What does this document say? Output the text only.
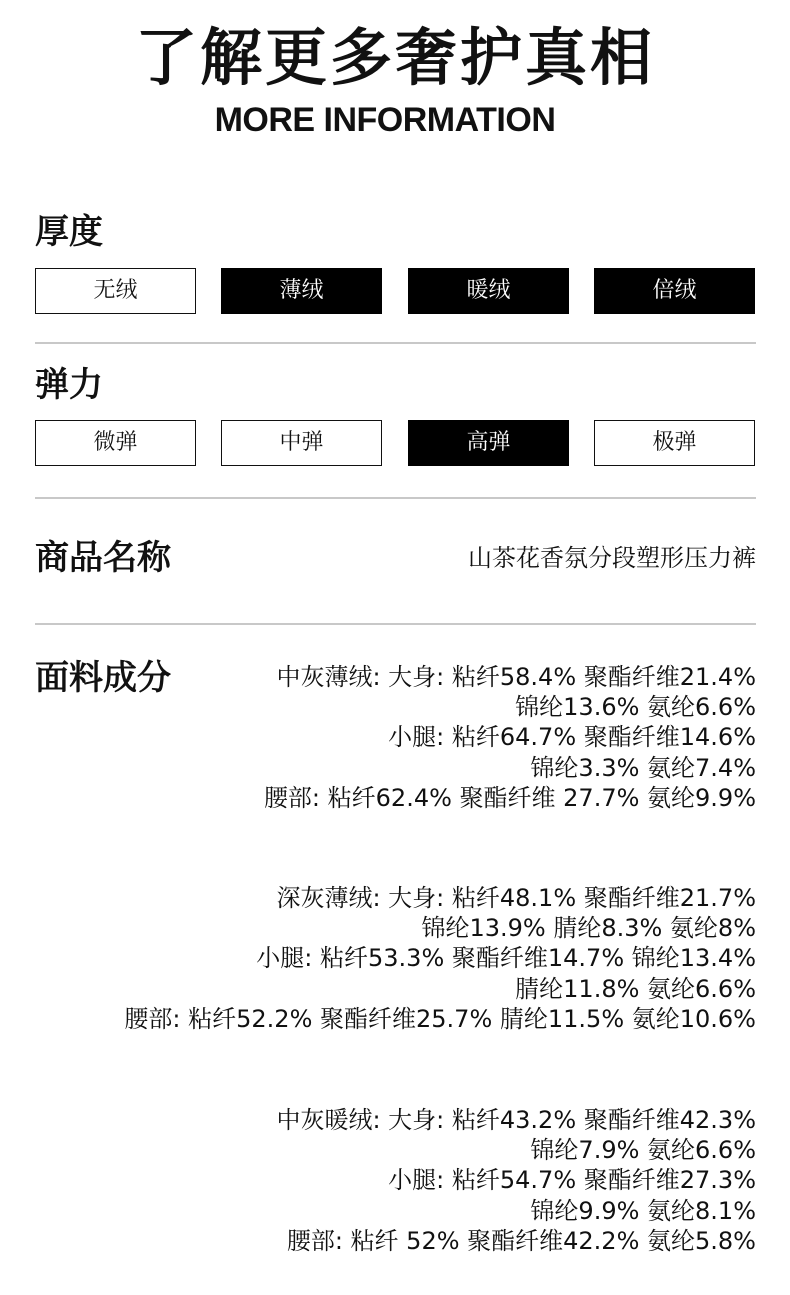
了解更多奢护真相
MORE INFORMATION
厚度
无绒	薄绒	暖绒	倍绒
弹力
微弹	中弹	高弹	极弹
商品名称	山茶花香氛分段塑形压力裤
面料成分	中灰薄绒: 大身: 粘纤58.4% 聚酯纤维21.4%
锦纶13.6% 氨纶6.6%
小腿: 粘纤64.7% 聚酯纤维14.6%
锦纶3.3% 氨纶7.4%
腰部: 粘纤62.4% 聚酯纤维 27.7% 氨纶9.9%
深灰薄绒: 大身: 粘纤48.1% 聚酯纤维21.7%
锦纶13.9% 腈纶8.3% 氨纶8%
小腿: 粘纤53.3% 聚酯纤维14.7% 锦纶13.4%
腈纶11.8% 氨纶6.6%
腰部: 粘纤52.2% 聚酯纤维25.7% 腈纶11.5% 氨纶10.6%
中灰暖绒: 大身: 粘纤43.2% 聚酯纤维42.3%
锦纶7.9% 氨纶6.6%
小腿: 粘纤54.7% 聚酯纤维27.3%
锦纶9.9% 氨纶8.1%
腰部: 粘纤 52% 聚酯纤维42.2% 氨纶5.8%
